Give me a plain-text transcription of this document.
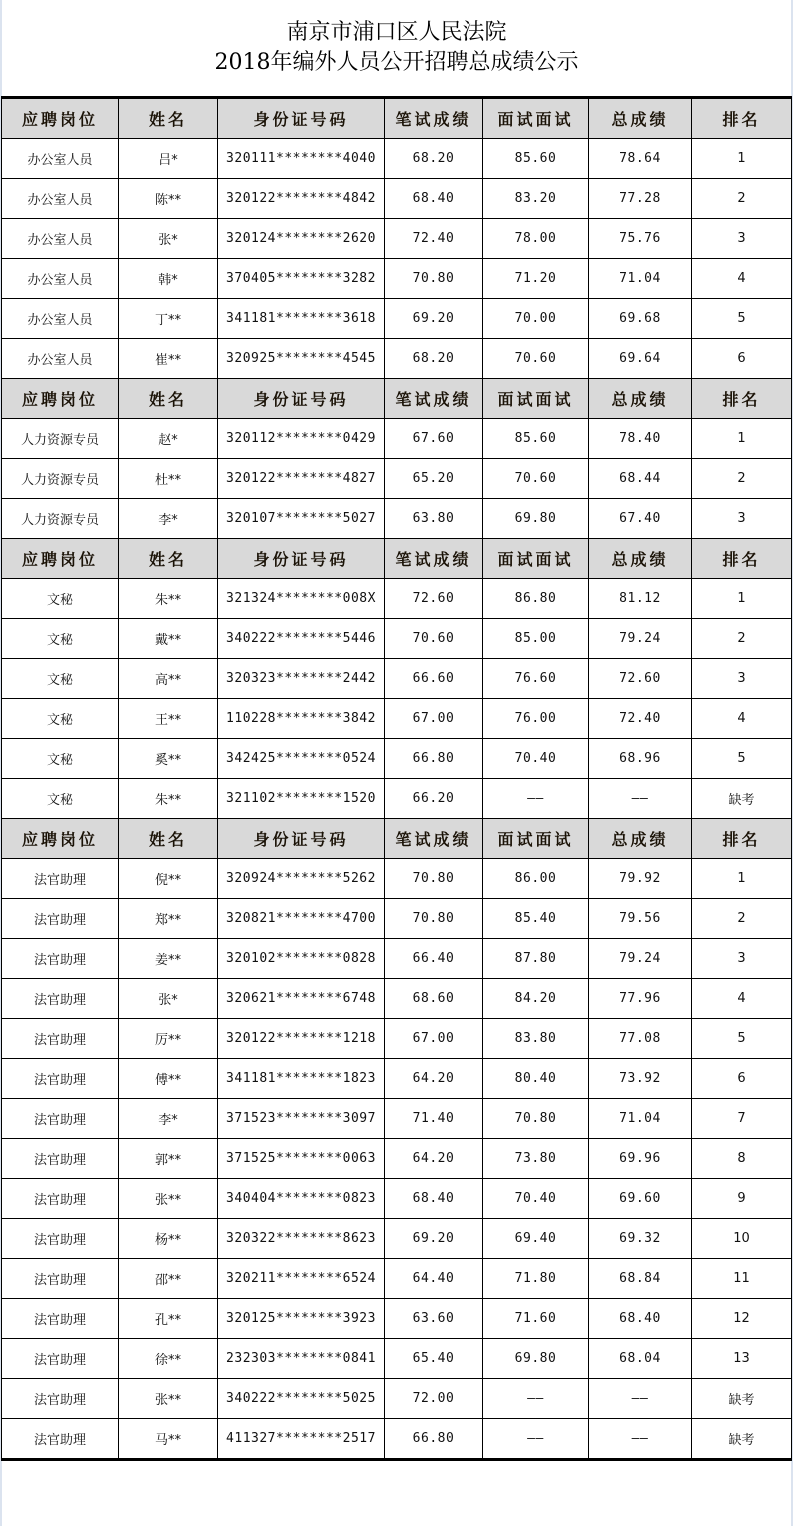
南京市浦口区人民法院
2018年编外人员公开招聘总成绩公示
应聘岗位	姓名	身份证号码	笔试成绩	面试面试	总成绩	排名
办公室人员	吕*	320111********4040	68.20	85.60	78.64	1
办公室人员	陈**	320122********4842	68.40	83.20	77.28	2
办公室人员	张*	320124********2620	72.40	78.00	75.76	3
办公室人员	韩*	370405********3282	70.80	71.20	71.04	4
办公室人员	丁**	341181********3618	69.20	70.00	69.68	5
办公室人员	崔**	320925********4545	68.20	70.60	69.64	6
应聘岗位	姓名	身份证号码	笔试成绩	面试面试	总成绩	排名
人力资源专员	赵*	320112********0429	67.60	85.60	78.40	1
人力资源专员	杜**	320122********4827	65.20	70.60	68.44	2
人力资源专员	李*	320107********5027	63.80	69.80	67.40	3
应聘岗位	姓名	身份证号码	笔试成绩	面试面试	总成绩	排名
文秘	朱**	321324********008X	72.60	86.80	81.12	1
文秘	戴**	340222********5446	70.60	85.00	79.24	2
文秘	高**	320323********2442	66.60	76.60	72.60	3
文秘	王**	110228********3842	67.00	76.00	72.40	4
文秘	奚**	342425********0524	66.80	70.40	68.96	5
文秘	朱**	321102********1520	66.20	——	——	缺考
应聘岗位	姓名	身份证号码	笔试成绩	面试面试	总成绩	排名
法官助理	倪**	320924********5262	70.80	86.00	79.92	1
法官助理	郑**	320821********4700	70.80	85.40	79.56	2
法官助理	姜**	320102********0828	66.40	87.80	79.24	3
法官助理	张*	320621********6748	68.60	84.20	77.96	4
法官助理	厉**	320122********1218	67.00	83.80	77.08	5
法官助理	傅**	341181********1823	64.20	80.40	73.92	6
法官助理	李*	371523********3097	71.40	70.80	71.04	7
法官助理	郭**	371525********0063	64.20	73.80	69.96	8
法官助理	张**	340404********0823	68.40	70.40	69.60	9
法官助理	杨**	320322********8623	69.20	69.40	69.32	10
法官助理	邵**	320211********6524	64.40	71.80	68.84	11
法官助理	孔**	320125********3923	63.60	71.60	68.40	12
法官助理	徐**	232303********0841	65.40	69.80	68.04	13
法官助理	张**	340222********5025	72.00	——	——	缺考
法官助理	马**	411327********2517	66.80	——	——	缺考
